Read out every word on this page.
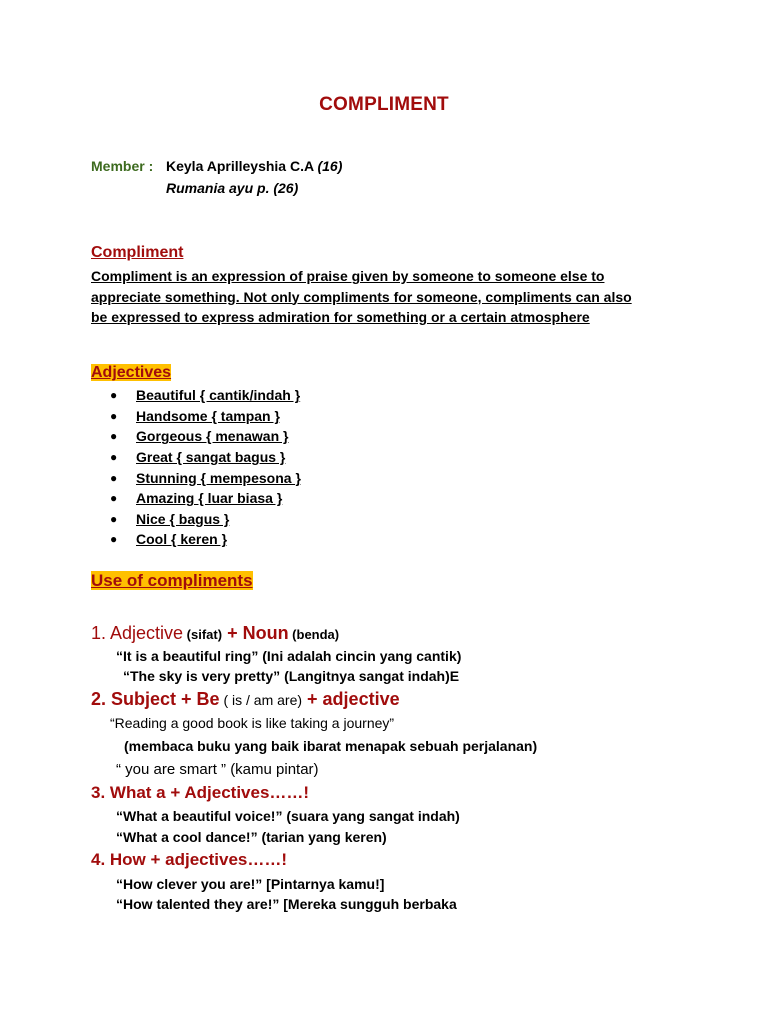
COMPLIMENT
Member : Keyla Aprilleyshia C.A (16)
Rumania ayu p. (26)
Compliment
Compliment is an expression of praise given by someone to someone else to
appreciate something. Not only compliments for someone, compliments can also
be expressed to express admiration for something or a certain atmosphere
Adjectives
●	Beautiful { cantik/indah }
●	Handsome { tampan }
●	Gorgeous { menawan }
●	Great { sangat bagus }
●	Stunning { mempesona }
●	Amazing { luar biasa }
●	Nice { bagus }
●	Cool { keren }
Use of compliments
1. Adjective (sifat) + Noun (benda)
“It is a beautiful ring” (Ini adalah cincin yang cantik)
“The sky is very pretty” (Langitnya sangat indah)E
2. Subject + Be ( is / am are) + adjective
“Reading a good book is like taking a journey”
(membaca buku yang baik ibarat menapak sebuah perjalanan)
“ you are smart ” (kamu pintar)
3. What a + Adjectives……!
“What a beautiful voice!” (suara yang sangat indah)
“What a cool dance!” (tarian yang keren)
4. How + adjectives……!
“How clever you are!” [Pintarnya kamu!]
“How talented they are!” [Mereka sungguh berbaka
